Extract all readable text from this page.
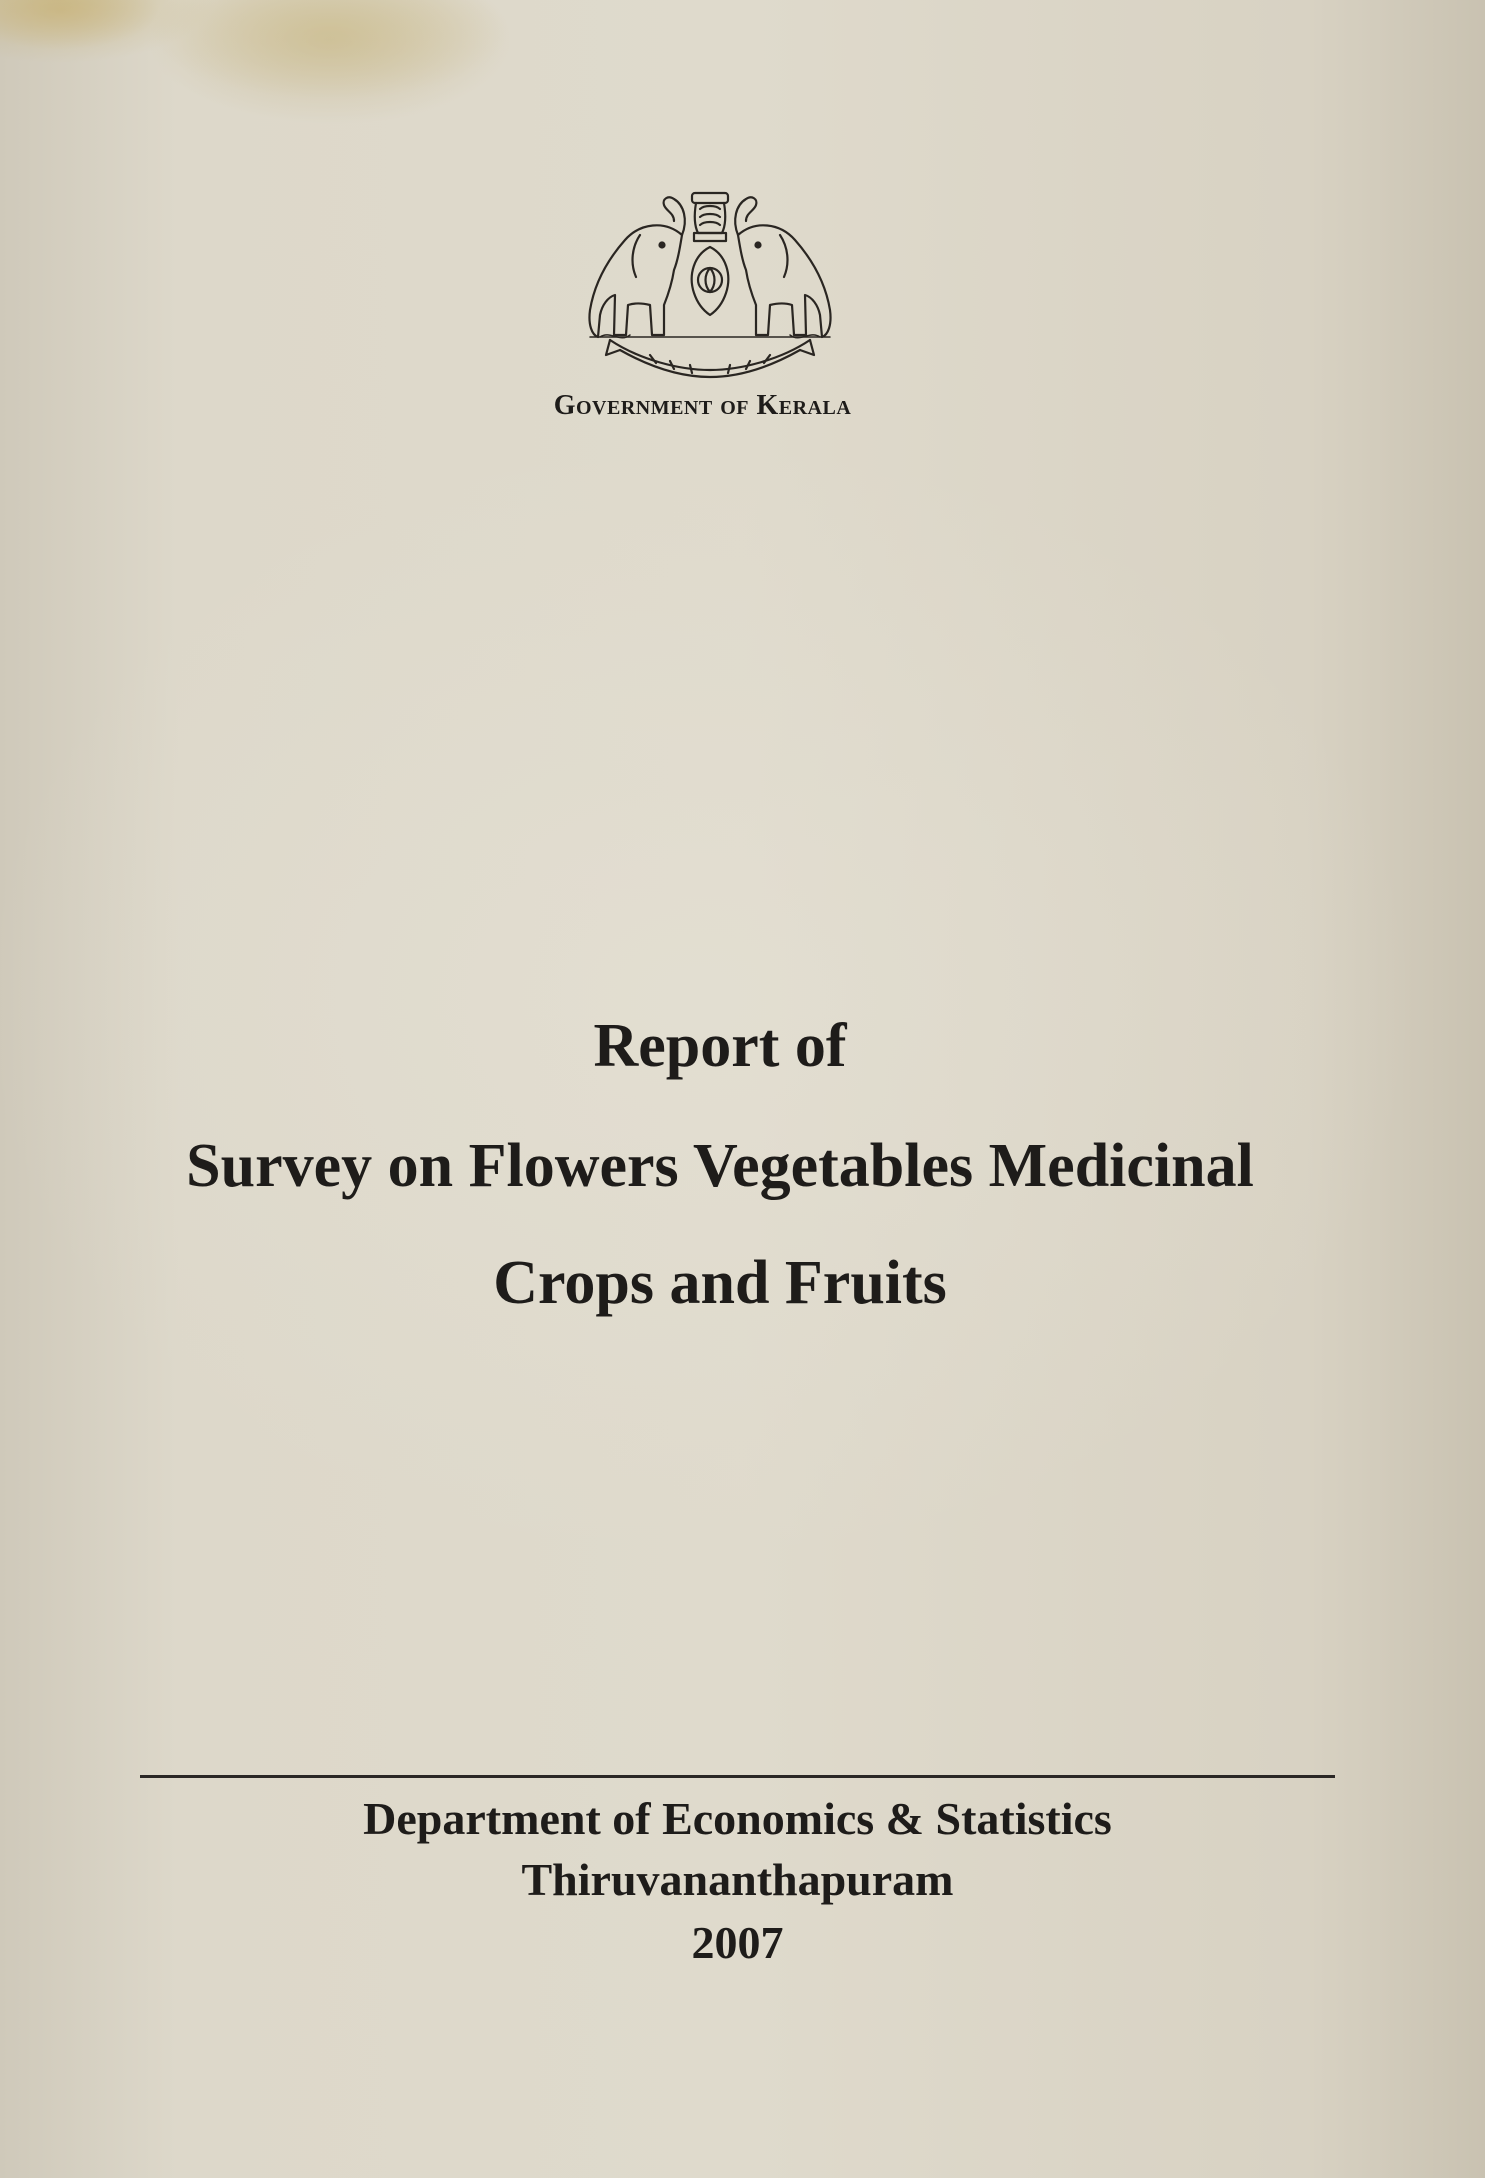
Government of Kerala
Report of
Survey on Flowers Vegetables Medicinal
Crops and Fruits
Department of Economics & Statistics
Thiruvananthapuram
2007
